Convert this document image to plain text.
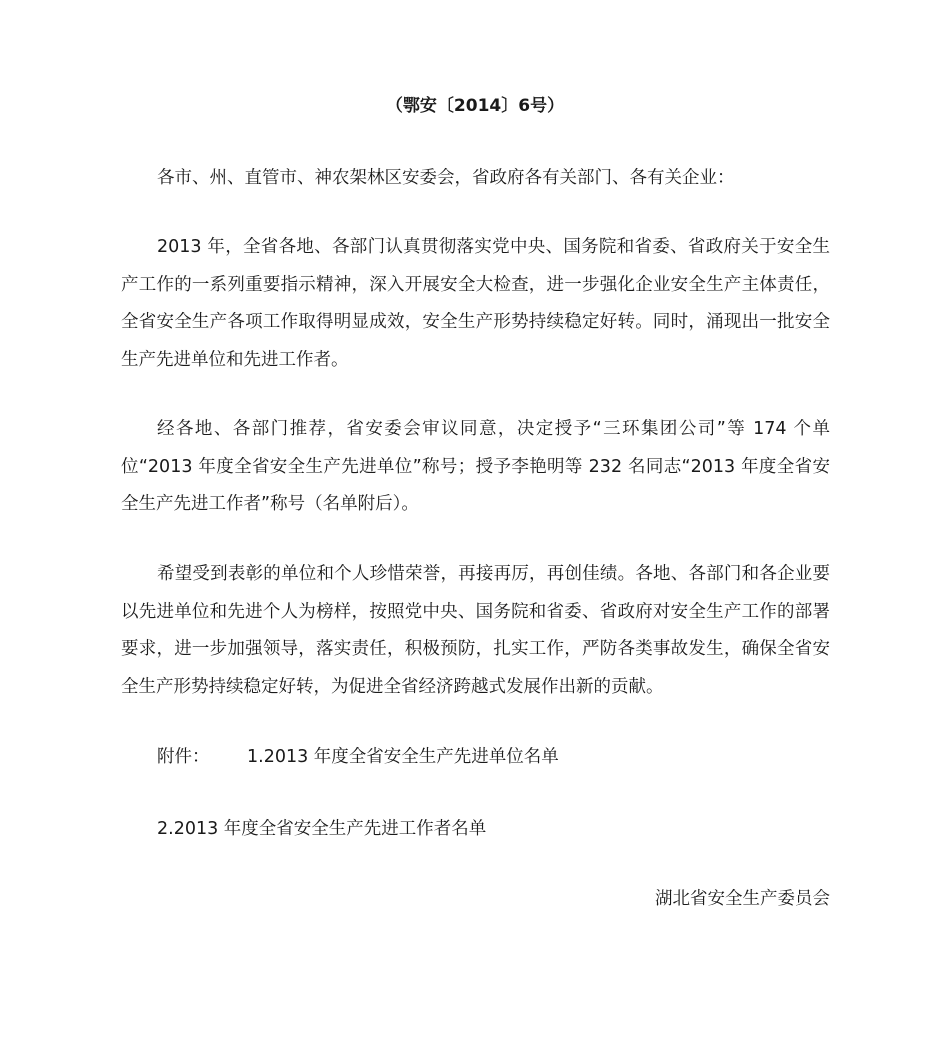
（鄂安〔2014〕6号）
各市、州、直管市、神农架林区安委会，省政府各有关部门、各有关企业：

2013 年，全省各地、各部门认真贯彻落实党中央、国务院和省委、省政府关于安全生产工作的一系列重要指示精神，深入开展安全大检查，进一步强化企业安全生产主体责任，全省安全生产各项工作取得明显成效，安全生产形势持续稳定好转。同时，涌现出一批安全生产先进单位和先进工作者。

经各地、各部门推荐，省安委会审议同意，决定授予“三环集团公司”等 174 个单位“2013 年度全省安全生产先进单位”称号；授予李艳明等 232 名同志“2013 年度全省安全生产先进工作者”称号（名单附后）。

希望受到表彰的单位和个人珍惜荣誉，再接再厉，再创佳绩。各地、各部门和各企业要以先进单位和先进个人为榜样，按照党中央、国务院和省委、省政府对安全生产工作的部署要求，进一步加强领导，落实责任，积极预防，扎实工作，严防各类事故发生，确保全省安全生产形势持续稳定好转，为促进全省经济跨越式发展作出新的贡献。

附件： 1.2013 年度全省安全生产先进单位名单
2.2013 年度全省安全生产先进工作者名单
湖北省安全生产委员会
